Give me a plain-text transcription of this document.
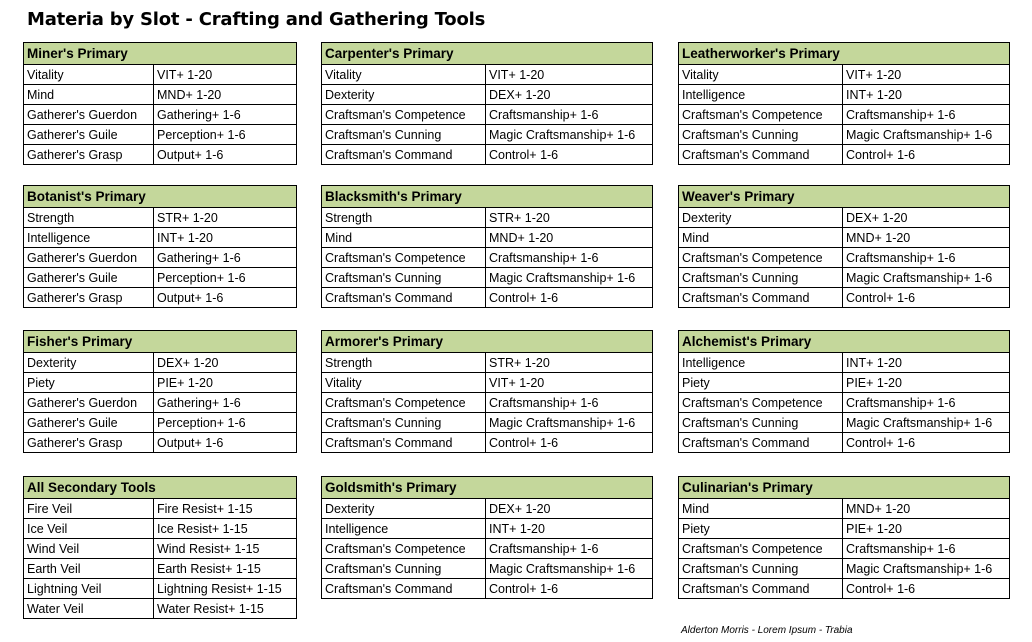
Materia by Slot - Crafting and Gathering Tools
Miner's Primary	
Vitality	VIT+ 1-20
Mind	MND+ 1-20
Gatherer's Guerdon	Gathering+ 1-6
Gatherer's Guile	Perception+ 1-6
Gatherer's Grasp	Output+ 1-6
Carpenter's Primary	
Vitality	VIT+ 1-20
Dexterity	DEX+ 1-20
Craftsman's Competence	Craftsmanship+ 1-6
Craftsman's Cunning	Magic Craftsmanship+ 1-6
Craftsman's Command	Control+ 1-6
Leatherworker's Primary	
Vitality	VIT+ 1-20
Intelligence	INT+ 1-20
Craftsman's Competence	Craftsmanship+ 1-6
Craftsman's Cunning	Magic Craftsmanship+ 1-6
Craftsman's Command	Control+ 1-6
Botanist's Primary	
Strength	STR+ 1-20
Intelligence	INT+ 1-20
Gatherer's Guerdon	Gathering+ 1-6
Gatherer's Guile	Perception+ 1-6
Gatherer's Grasp	Output+ 1-6
Blacksmith's Primary	
Strength	STR+ 1-20
Mind	MND+ 1-20
Craftsman's Competence	Craftsmanship+ 1-6
Craftsman's Cunning	Magic Craftsmanship+ 1-6
Craftsman's Command	Control+ 1-6
Weaver's Primary	
Dexterity	DEX+ 1-20
Mind	MND+ 1-20
Craftsman's Competence	Craftsmanship+ 1-6
Craftsman's Cunning	Magic Craftsmanship+ 1-6
Craftsman's Command	Control+ 1-6
Fisher's Primary	
Dexterity	DEX+ 1-20
Piety	PIE+ 1-20
Gatherer's Guerdon	Gathering+ 1-6
Gatherer's Guile	Perception+ 1-6
Gatherer's Grasp	Output+ 1-6
Armorer's Primary	
Strength	STR+ 1-20
Vitality	VIT+ 1-20
Craftsman's Competence	Craftsmanship+ 1-6
Craftsman's Cunning	Magic Craftsmanship+ 1-6
Craftsman's Command	Control+ 1-6
Alchemist's Primary	
Intelligence	INT+ 1-20
Piety	PIE+ 1-20
Craftsman's Competence	Craftsmanship+ 1-6
Craftsman's Cunning	Magic Craftsmanship+ 1-6
Craftsman's Command	Control+ 1-6
All Secondary Tools	
Fire Veil	Fire Resist+ 1-15
Ice Veil	Ice Resist+ 1-15
Wind Veil	Wind Resist+ 1-15
Earth Veil	Earth Resist+ 1-15
Lightning Veil	Lightning Resist+ 1-15
Water Veil	Water Resist+ 1-15
Goldsmith's Primary	
Dexterity	DEX+ 1-20
Intelligence	INT+ 1-20
Craftsman's Competence	Craftsmanship+ 1-6
Craftsman's Cunning	Magic Craftsmanship+ 1-6
Craftsman's Command	Control+ 1-6
Culinarian's Primary	
Mind	MND+ 1-20
Piety	PIE+ 1-20
Craftsman's Competence	Craftsmanship+ 1-6
Craftsman's Cunning	Magic Craftsmanship+ 1-6
Craftsman's Command	Control+ 1-6
Alderton Morris - Lorem Ipsum - Trabia
